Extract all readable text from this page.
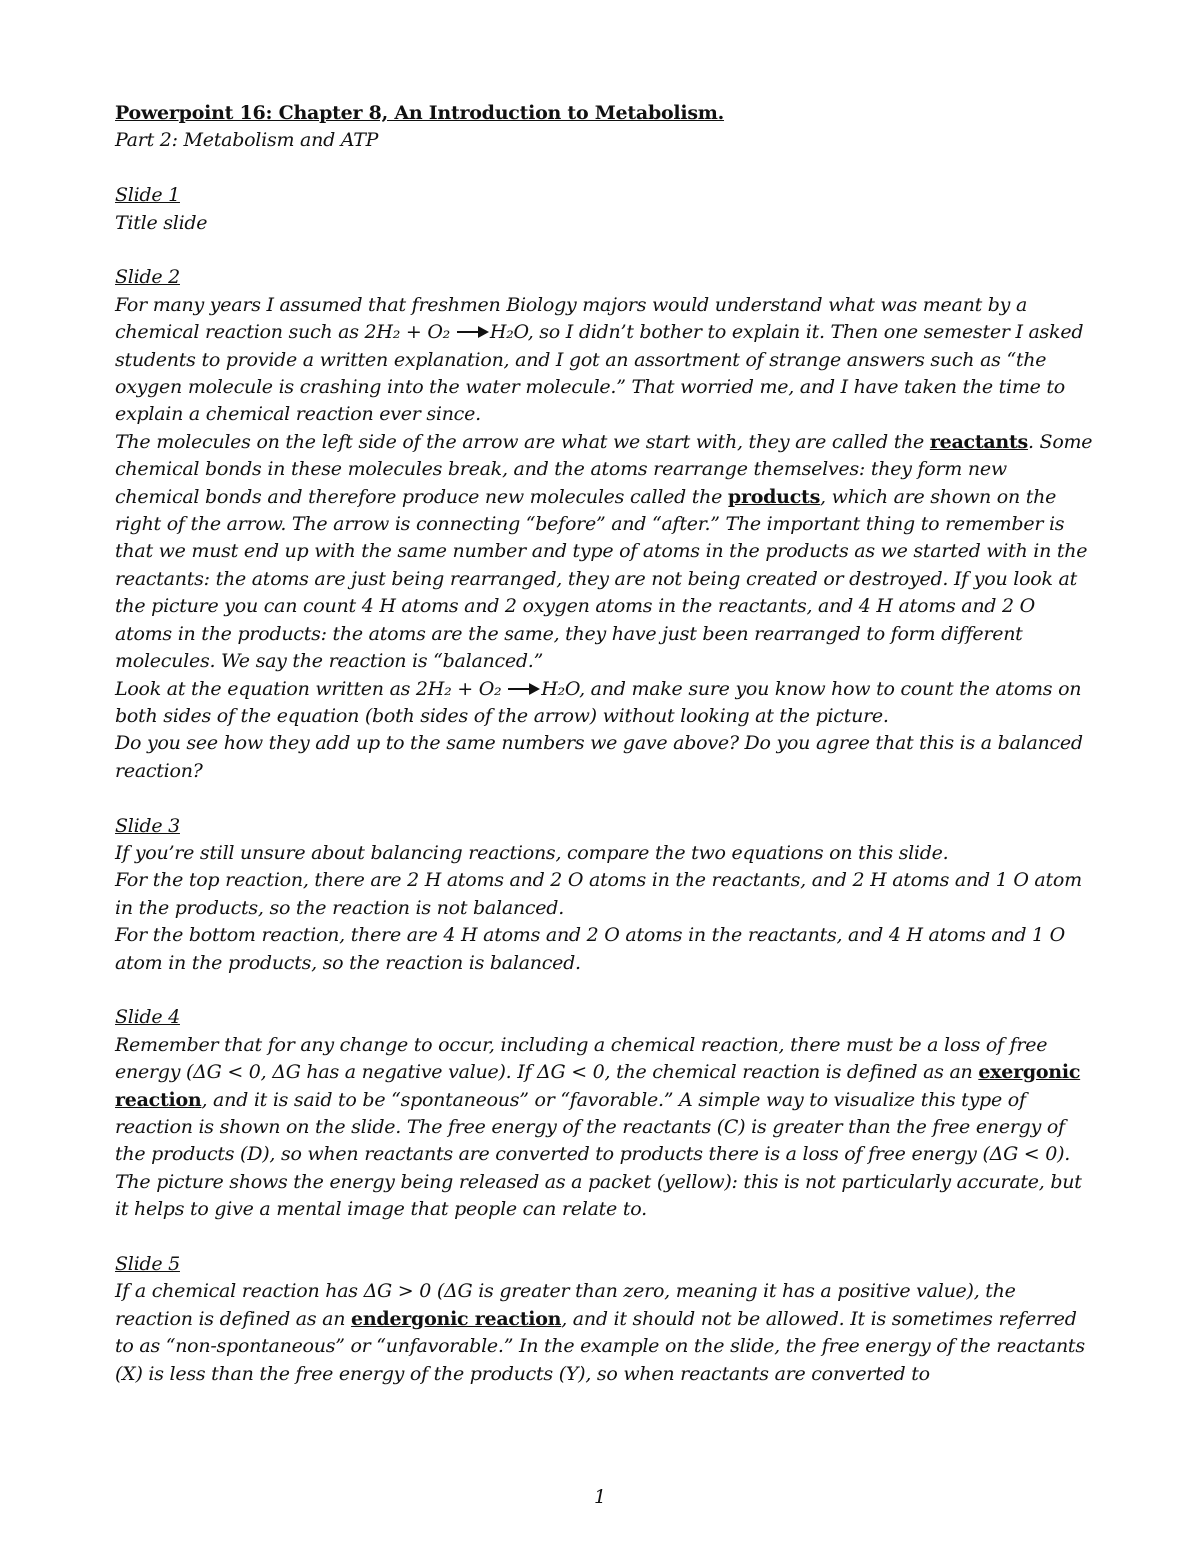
Powerpoint 16: Chapter 8, An Introduction to Metabolism.

Part 2: Metabolism and ATP

Slide 1

Title slide

Slide 2

For many years I assumed that freshmen Biology majors would understand what was meant by a chemical reaction such as 2H₂ + O₂ →H₂O, so I didn’t bother to explain it. Then one semester I asked students to provide a written explanation, and I got an assortment of strange answers such as “the oxygen molecule is crashing into the water molecule.” That worried me, and I have taken the time to explain a chemical reaction ever since.

The molecules on the left side of the arrow are what we start with, they are called the reactants. Some chemical bonds in these molecules break, and the atoms rearrange themselves: they form new chemical bonds and therefore produce new molecules called the products, which are shown on the right of the arrow. The arrow is connecting “before” and “after.” The important thing to remember is that we must end up with the same number and type of atoms in the products as we started with in the reactants: the atoms are just being rearranged, they are not being created or destroyed. If you look at the picture you can count 4 H atoms and 2 oxygen atoms in the reactants, and 4 H atoms and 2 O atoms in the products: the atoms are the same, they have just been rearranged to form different molecules. We say the reaction is “balanced.”

Look at the equation written as 2H₂ + O₂ →H₂O, and make sure you know how to count the atoms on both sides of the equation (both sides of the arrow) without looking at the picture.

Do you see how they add up to the same numbers we gave above? Do you agree that this is a balanced reaction?

Slide 3

If you’re still unsure about balancing reactions, compare the two equations on this slide.

For the top reaction, there are 2 H atoms and 2 O atoms in the reactants, and 2 H atoms and 1 O atom in the products, so the reaction is not balanced.

For the bottom reaction, there are 4 H atoms and 2 O atoms in the reactants, and 4 H atoms and 1 O atom in the products, so the reaction is balanced.

Slide 4

Remember that for any change to occur, including a chemical reaction, there must be a loss of free energy (ΔG < 0, ΔG has a negative value). If ΔG < 0, the chemical reaction is defined as an exergonic reaction, and it is said to be “spontaneous” or “favorable.” A simple way to visualize this type of reaction is shown on the slide. The free energy of the reactants (C) is greater than the free energy of the products (D), so when reactants are converted to products there is a loss of free energy (ΔG < 0). The picture shows the energy being released as a packet (yellow): this is not particularly accurate, but it helps to give a mental image that people can relate to.

Slide 5

If a chemical reaction has ΔG > 0 (ΔG is greater than zero, meaning it has a positive value), the reaction is defined as an endergonic reaction, and it should not be allowed. It is sometimes referred to as “non-spontaneous” or “unfavorable.” In the example on the slide, the free energy of the reactants (X) is less than the free energy of the products (Y), so when reactants are converted to

1
